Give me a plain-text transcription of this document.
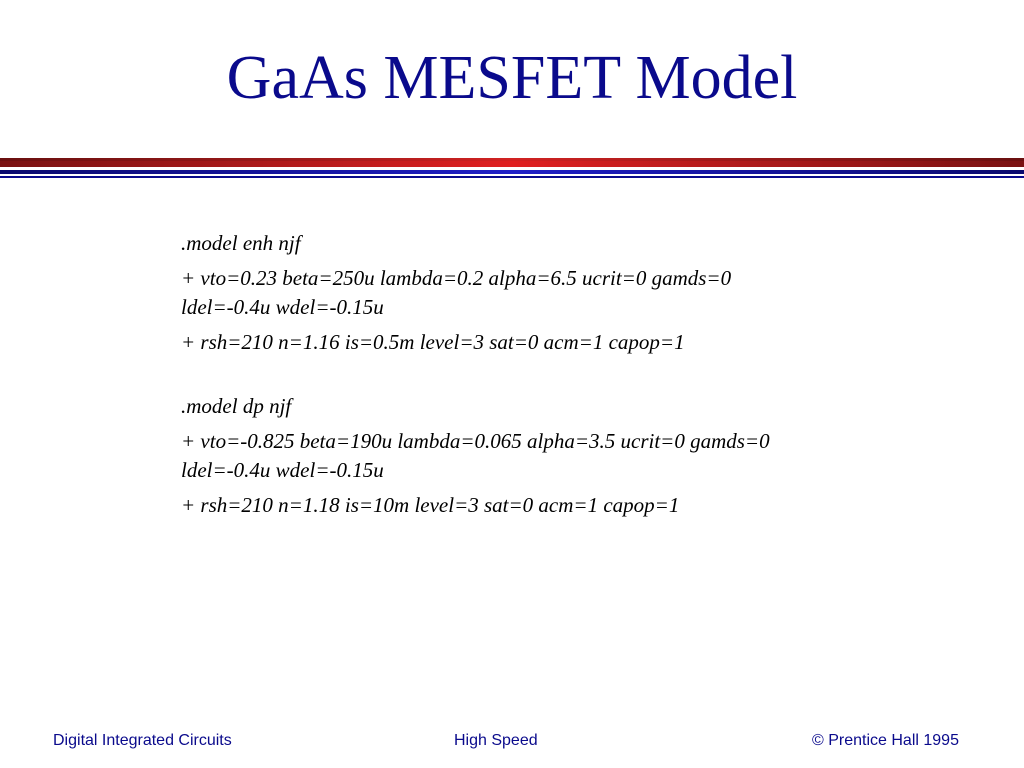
GaAs MESFET Model
.model enh njf
+ vto=0.23 beta=250u lambda=0.2 alpha=6.5 ucrit=0 gamds=0
ldel=-0.4u wdel=-0.15u
+ rsh=210 n=1.16 is=0.5m level=3 sat=0 acm=1 capop=1
.model dp njf
+ vto=-0.825 beta=190u lambda=0.065 alpha=3.5 ucrit=0 gamds=0
ldel=-0.4u wdel=-0.15u
+ rsh=210 n=1.18 is=10m level=3 sat=0 acm=1 capop=1
Digital Integrated Circuits	High Speed	© Prentice Hall 1995
